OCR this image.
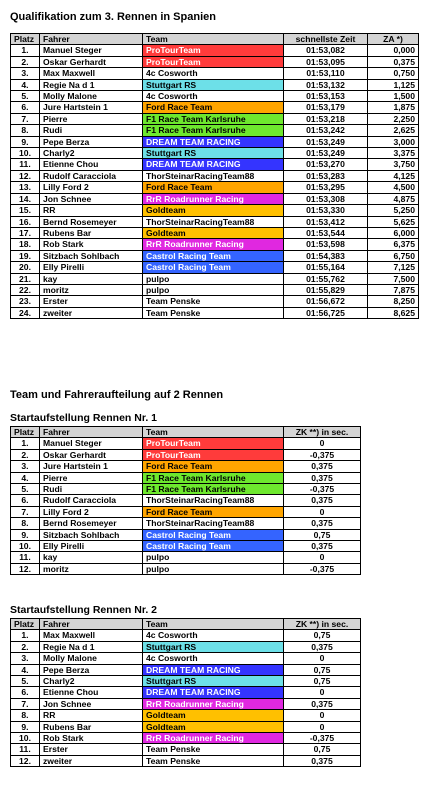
Qualifikation zum 3. Rennen in Spanien
Platz	Fahrer	Team	schnellste Zeit	ZA *)
1.	Manuel Steger	ProTourTeam	01:53,082	0,000
2.	Oskar Gerhardt	ProTourTeam	01:53,095	0,375
3.	Max Maxwell	4c Cosworth	01:53,110	0,750
4.	Regie Na d 1	Stuttgart RS	01:53,132	1,125
5.	Molly Malone	4c Cosworth	01:53,153	1,500
6.	Jure Hartstein 1	Ford Race Team	01:53,179	1,875
7.	Pierre	F1 Race Team Karlsruhe	01:53,218	2,250
8.	Rudi	F1 Race Team Karlsruhe	01:53,242	2,625
9.	Pepe Berza	DREAM TEAM RACING	01:53,249	3,000
10.	Charly2	Stuttgart RS	01:53,249	3,375
11.	Etienne Chou	DREAM TEAM RACING	01:53,270	3,750
12.	Rudolf Caracciola	ThorSteinarRacingTeam88	01:53,283	4,125
13.	Lilly Ford 2	Ford Race Team	01:53,295	4,500
14.	Jon Schnee	RrR Roadrunner Racing	01:53,308	4,875
15.	RR	Goldteam	01:53,330	5,250
16.	Bernd Rosemeyer	ThorSteinarRacingTeam88	01:53,412	5,625
17.	Rubens Bar	Goldteam	01:53,544	6,000
18.	Rob Stark	RrR Roadrunner Racing	01:53,598	6,375
19.	Sitzbach Sohlbach	Castrol Racing Team	01:54,383	6,750
20.	Elly Pirelli	Castrol Racing Team	01:55,164	7,125
21.	kay	pulpo	01:55,762	7,500
22.	moritz	pulpo	01:55,829	7,875
23.	Erster	Team Penske	01:56,672	8,250
24.	zweiter	Team Penske	01:56,725	8,625
Team und Fahreraufteilung auf 2 Rennen
Startaufstellung Rennen Nr. 1
Platz	Fahrer	Team	ZK **) in sec.
1.	Manuel Steger	ProTourTeam	0
2.	Oskar Gerhardt	ProTourTeam	-0,375
3.	Jure Hartstein 1	Ford Race Team	0,375
4.	Pierre	F1 Race Team Karlsruhe	0,375
5.	Rudi	F1 Race Team Karlsruhe	-0,375
6.	Rudolf Caracciola	ThorSteinarRacingTeam88	0,375
7.	Lilly Ford 2	Ford Race Team	0
8.	Bernd Rosemeyer	ThorSteinarRacingTeam88	0,375
9.	Sitzbach Sohlbach	Castrol Racing Team	0,75
10.	Elly Pirelli	Castrol Racing Team	0,375
11.	kay	pulpo	0
12.	moritz	pulpo	-0,375
Startaufstellung Rennen Nr. 2
Platz	Fahrer	Team	ZK **) in sec.
1.	Max Maxwell	4c Cosworth	0,75
2.	Regie Na d 1	Stuttgart RS	0,375
3.	Molly Malone	4c Cosworth	0
4.	Pepe Berza	DREAM TEAM RACING	0,75
5.	Charly2	Stuttgart RS	0,75
6.	Etienne Chou	DREAM TEAM RACING	0
7.	Jon Schnee	RrR Roadrunner Racing	0,375
8.	RR	Goldteam	0
9.	Rubens Bar	Goldteam	0
10.	Rob Stark	RrR Roadrunner Racing	-0,375
11.	Erster	Team Penske	0,75
12.	zweiter	Team Penske	0,375
